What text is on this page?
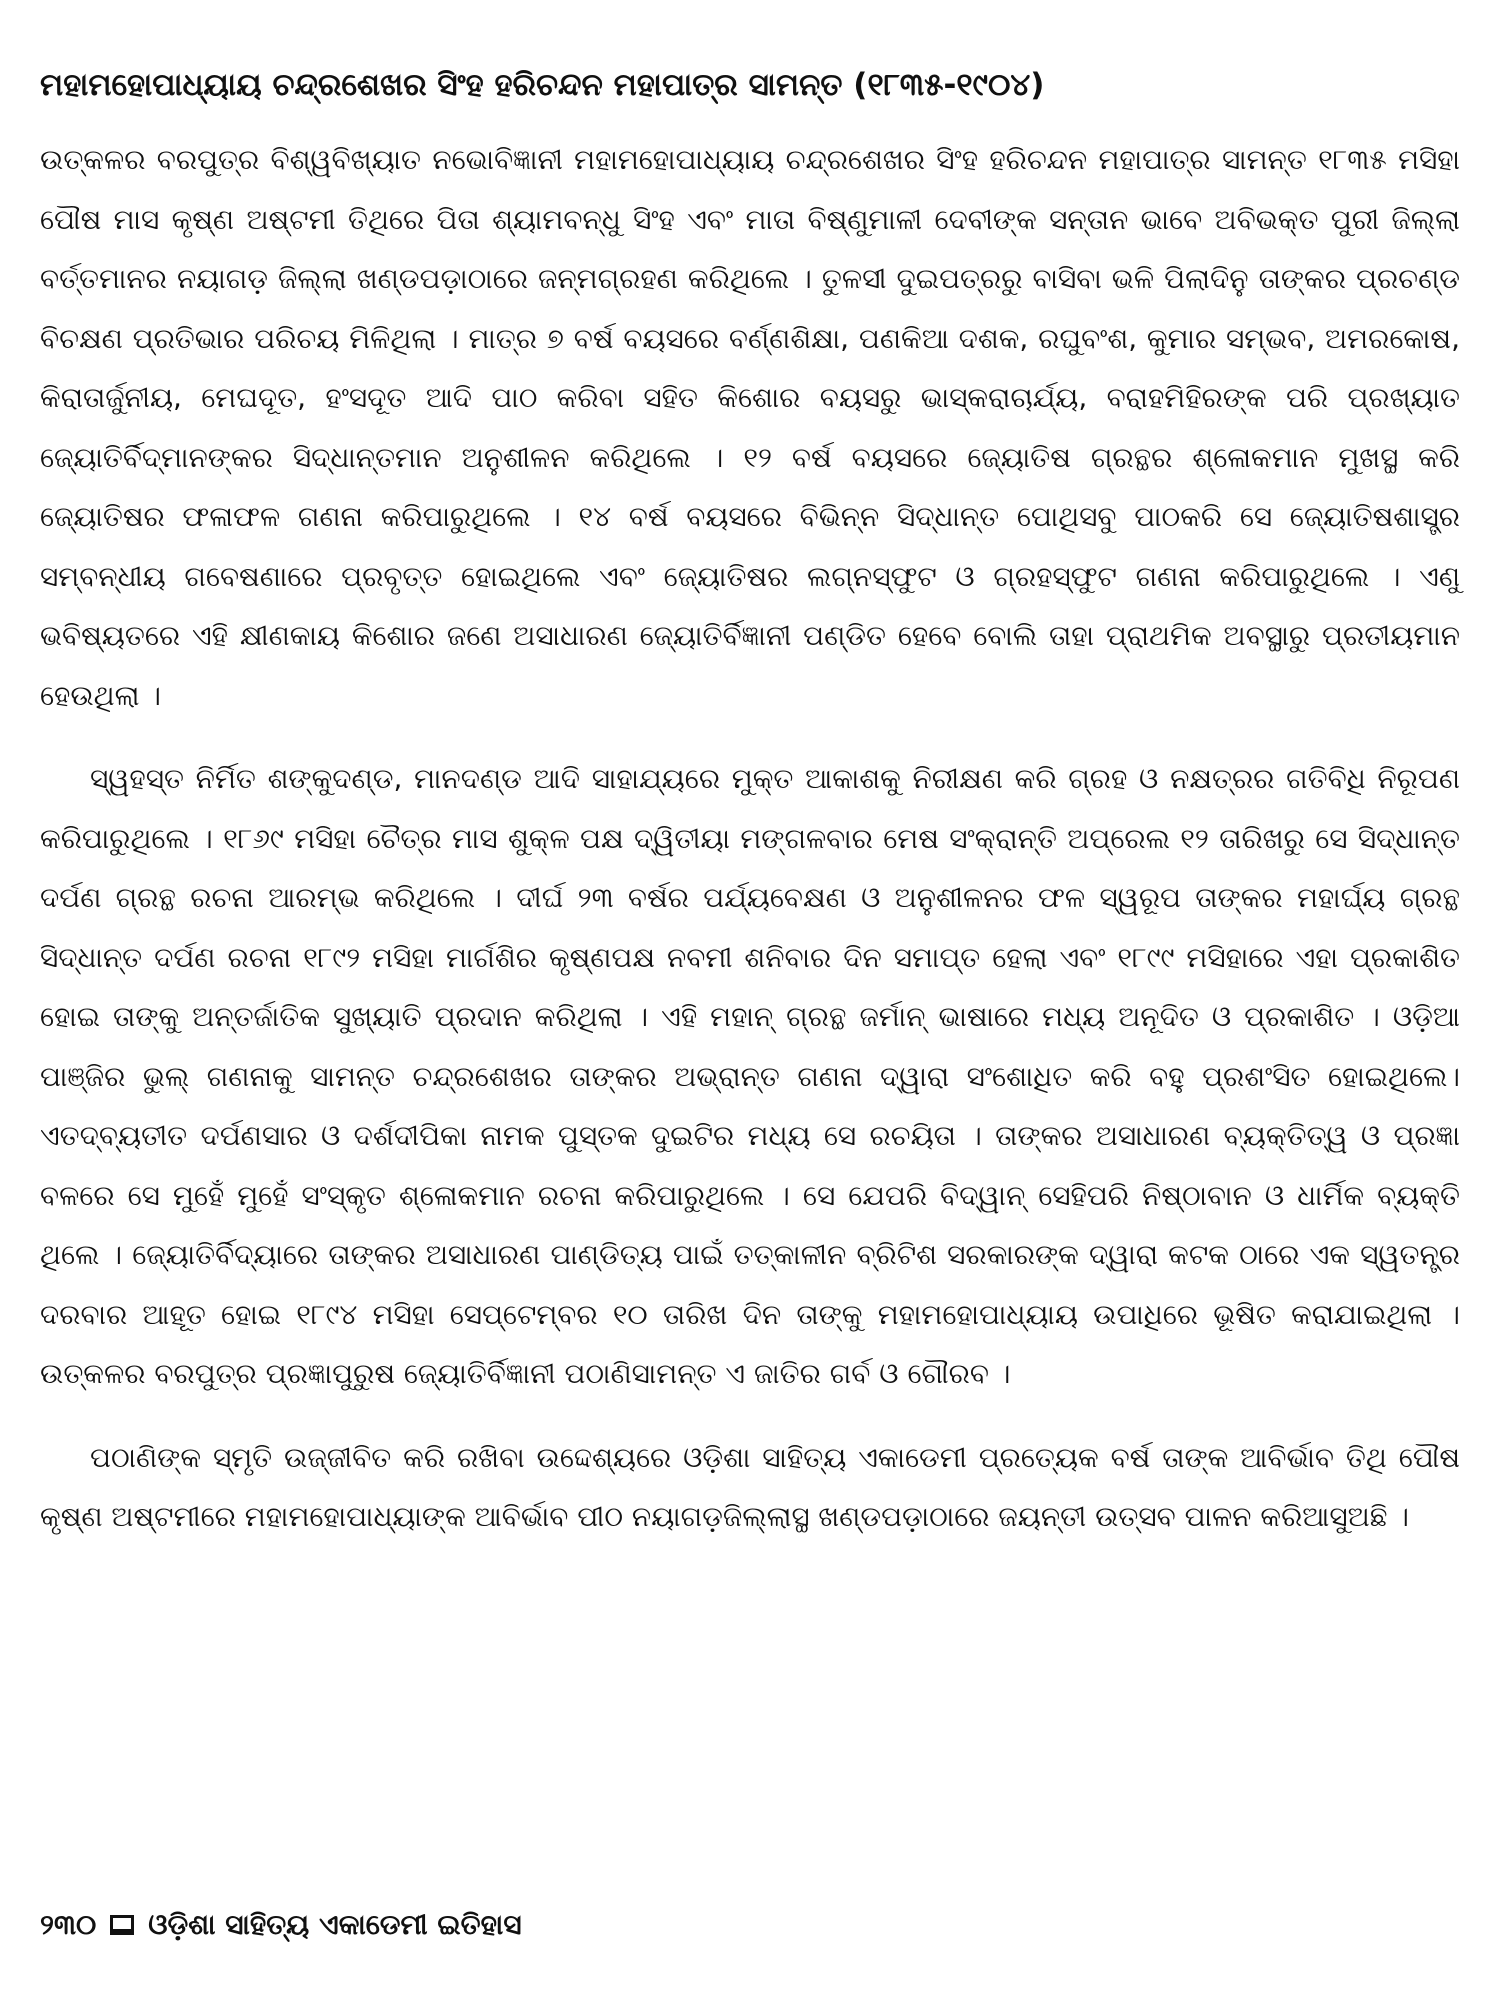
ମହାମହୋପାଧ୍ୟାୟ ଚନ୍ଦ୍ରଶେଖର ସିଂହ ହରିଚନ୍ଦନ ମହାପାତ୍ର ସାମନ୍ତ (୧୮୩୫-୧୯୦୪)

ଉତ୍କଳର ବରପୁତ୍ର ବିଶ୍ୱବିଖ୍ୟାତ ନଭୋବିଜ୍ଞାନୀ ମହାମହୋପାଧ୍ୟାୟ ଚନ୍ଦ୍ରଶେଖର ସିଂହ ହରିଚନ୍ଦନ ମହାପାତ୍ର ସାମନ୍ତ ୧୮୩୫ ମସିହା ପୌଷ ମାସ କୃଷ୍ଣ ଅଷ୍ଟମୀ ତିଥିରେ ପିତା ଶ୍ୟାମବନ୍ଧୁ ସିଂହ ଏବଂ ମାତା ବିଷ୍ଣୁମାଳୀ ଦେବୀଙ୍କ ସନ୍ତାନ ଭାବେ ଅବିଭକ୍ତ ପୁରୀ ଜିଲ୍ଲା ବର୍ତ୍ତମାନର ନୟାଗଡ଼ ଜିଲ୍ଲା ଖଣ୍ଡପଡ଼ାଠାରେ ଜନ୍ମଗ୍ରହଣ କରିଥିଲେ । ତୁଳସୀ ଦୁଇପତ୍ରରୁ ବାସିବା ଭଳି ପିଲାଦିନୁ ତାଙ୍କର ପ୍ରଚଣ୍ଡ ବିଚକ୍ଷଣ ପ୍ରତିଭାର ପରିଚୟ ମିଳିଥିଲା । ମାତ୍ର ୭ ବର୍ଷ ବୟସରେ ବର୍ଣ୍ଣଶିକ୍ଷା, ପଣକିଆ ଦଶକ, ରଘୁବଂଶ, କୁମାର ସମ୍ଭବ, ଅମରକୋଷ, କିରାତାର୍ଜୁନୀୟ, ମେଘଦୂତ, ହଂସଦୂତ ଆଦି ପାଠ କରିବା ସହିତ କିଶୋର ବୟସରୁ ଭାସ୍କରାଚାର୍ଯ୍ୟ, ବରାହମିହିରଙ୍କ ପରି ପ୍ରଖ୍ୟାତ ଜ୍ୟୋତିର୍ବିଦ୍‌ମାନଙ୍କର ସିଦ୍ଧାନ୍ତମାନ ଅନୁଶୀଳନ କରିଥିଲେ । ୧୨ ବର୍ଷ ବୟସରେ ଜ୍ୟୋତିଷ ଗ୍ରନ୍ଥର ଶ୍ଳୋକମାନ ମୁଖସ୍ଥ କରି ଜ୍ୟୋତିଷର ଫଳାଫଳ ଗଣନା କରିପାରୁଥିଲେ । ୧୪ ବର୍ଷ ବୟସରେ ବିଭିନ୍ନ ସିଦ୍ଧାନ୍ତ ପୋଥିସବୁ ପାଠକରି ସେ ଜ୍ୟୋତିଷଶାସ୍ତ୍ର ସମ୍ବନ୍ଧୀୟ ଗବେଷଣାରେ ପ୍ରବୃତ୍ତ ହୋଇଥିଲେ ଏବଂ ଜ୍ୟୋତିଷର ଲଗ୍ନସ୍ଫୁଟ ଓ ଗ୍ରହସ୍ଫୁଟ ଗଣନା କରିପାରୁଥିଲେ । ଏଣୁ ଭବିଷ୍ୟତରେ ଏହି କ୍ଷୀଣକାୟ କିଶୋର ଜଣେ ଅସାଧାରଣ ଜ୍ୟୋତିର୍ବିଜ୍ଞାନୀ ପଣ୍ଡିତ ହେବେ ବୋଲି ତାହା ପ୍ରାଥମିକ ଅବସ୍ଥାରୁ ପ୍ରତୀୟମାନ ହେଉଥିଲା ।

ସ୍ୱହସ୍ତ ନିର୍ମିତ ଶଙ୍କୁଦଣ୍ଡ, ମାନଦଣ୍ଡ ଆଦି ସାହାଯ୍ୟରେ ମୁକ୍ତ ଆକାଶକୁ ନିରୀକ୍ଷଣ କରି ଗ୍ରହ ଓ ନକ୍ଷତ୍ରର ଗତିବିଧି ନିରୂପଣ କରିପାରୁଥିଲେ । ୧୮୬୯ ମସିହା ଚୈତ୍ର ମାସ ଶୁକ୍ଳ ପକ୍ଷ ଦ୍ୱିତୀୟା ମଙ୍ଗଳବାର ମେଷ ସଂକ୍ରାନ୍ତି ଅପ୍ରେଲ ୧୨ ତାରିଖରୁ ସେ ସିଦ୍ଧାନ୍ତ ଦର୍ପଣ ଗ୍ରନ୍ଥ ରଚନା ଆରମ୍ଭ କରିଥିଲେ । ଦୀର୍ଘ ୨୩ ବର୍ଷର ପର୍ଯ୍ୟବେକ୍ଷଣ ଓ ଅନୁଶୀଳନର ଫଳ ସ୍ୱରୂପ ତାଙ୍କର ମହାର୍ଘ୍ୟ ଗ୍ରନ୍ଥ ସିଦ୍ଧାନ୍ତ ଦର୍ପଣ ରଚନା ୧୮୯୨ ମସିହା ମାର୍ଗଶିର କୃଷ୍ଣପକ୍ଷ ନବମୀ ଶନିବାର ଦିନ ସମାପ୍ତ ହେଲା ଏବଂ ୧୮୯୯ ମସିହାରେ ଏହା ପ୍ରକାଶିତ ହୋଇ ତାଙ୍କୁ ଅନ୍ତର୍ଜାତିକ ସୁଖ୍ୟାତି ପ୍ରଦାନ କରିଥିଲା । ଏହି ମହାନ୍ ଗ୍ରନ୍ଥ ଜର୍ମାନ୍ ଭାଷାରେ ମଧ୍ୟ ଅନୂଦିତ ଓ ପ୍ରକାଶିତ । ଓଡ଼ିଆ ପାଞ୍ଜିର ଭୁଲ୍ ଗଣନାକୁ ସାମନ୍ତ ଚନ୍ଦ୍ରଶେଖର ତାଙ୍କର ଅଭ୍ରାନ୍ତ ଗଣନା ଦ୍ୱାରା ସଂଶୋଧିତ କରି ବହୁ ପ୍ରଶଂସିତ ହୋଇଥିଲେ। ଏତଦ୍‌ବ୍ୟତୀତ ଦର୍ପଣସାର ଓ ଦର୍ଶଦୀପିକା ନାମକ ପୁସ୍ତକ ଦୁଇଟିର ମଧ୍ୟ ସେ ରଚୟିତା । ତାଙ୍କର ଅସାଧାରଣ ବ୍ୟକ୍ତିତ୍ୱ ଓ ପ୍ରଜ୍ଞା ବଳରେ ସେ ମୁହେଁ ମୁହେଁ ସଂସ୍କୃତ ଶ୍ଳୋକମାନ ରଚନା କରିପାରୁଥିଲେ । ସେ ଯେପରି ବିଦ୍ୱାନ୍ ସେହିପରି ନିଷ୍ଠାବାନ ଓ ଧାର୍ମିକ ବ୍ୟକ୍ତି ଥିଲେ । ଜ୍ୟୋତିର୍ବିଦ୍ୟାରେ ତାଙ୍କର ଅସାଧାରଣ ପାଣ୍ଡିତ୍ୟ ପାଇଁ ତତ୍‌କାଳୀନ ବ୍ରିଟିଶ ସରକାରଙ୍କ ଦ୍ୱାରା କଟକ ଠାରେ ଏକ ସ୍ୱତନ୍ତ୍ର ଦରବାର ଆହୂତ ହୋଇ ୧୮୯୪ ମସିହା ସେପ୍ଟେମ୍ବର ୧୦ ତାରିଖ ଦିନ ତାଙ୍କୁ ମହାମହୋପାଧ୍ୟାୟ ଉପାଧିରେ ଭୂଷିତ କରାଯାଇଥିଲା । ଉତ୍କଳର ବରପୁତ୍ର ପ୍ରଜ୍ଞାପୁରୁଷ ଜ୍ୟୋତିର୍ବିଜ୍ଞାନୀ ପଠାଣିସାମନ୍ତ ଏ ଜାତିର ଗର୍ବ ଓ ଗୌରବ ।

ପଠାଣିଙ୍କ ସ୍ମୃତି ଉଜ୍ଜୀବିତ କରି ରଖିବା ଉଦ୍ଦେଶ୍ୟରେ ଓଡ଼ିଶା ସାହିତ୍ୟ ଏକାଡେମୀ ପ୍ରତ୍ୟେକ ବର୍ଷ ତାଙ୍କ ଆବିର୍ଭାବ ତିଥି ପୌଷ କୃଷ୍ଣ ଅଷ୍ଟମୀରେ ମହାମହୋପାଧ୍ୟାଙ୍କ ଆବିର୍ଭାବ ପୀଠ ନୟାଗଡ଼ଜିଲ୍ଲାସ୍ଥ ଖଣ୍ଡପଡ଼ାଠାରେ ଜୟନ୍ତୀ ଉତ୍ସବ ପାଳନ କରିଆସୁଅଛି ।

୨୩୦ ଓଡ଼ିଶା ସାହିତ୍ୟ ଏକାଡେମୀ ଇତିହାସ
